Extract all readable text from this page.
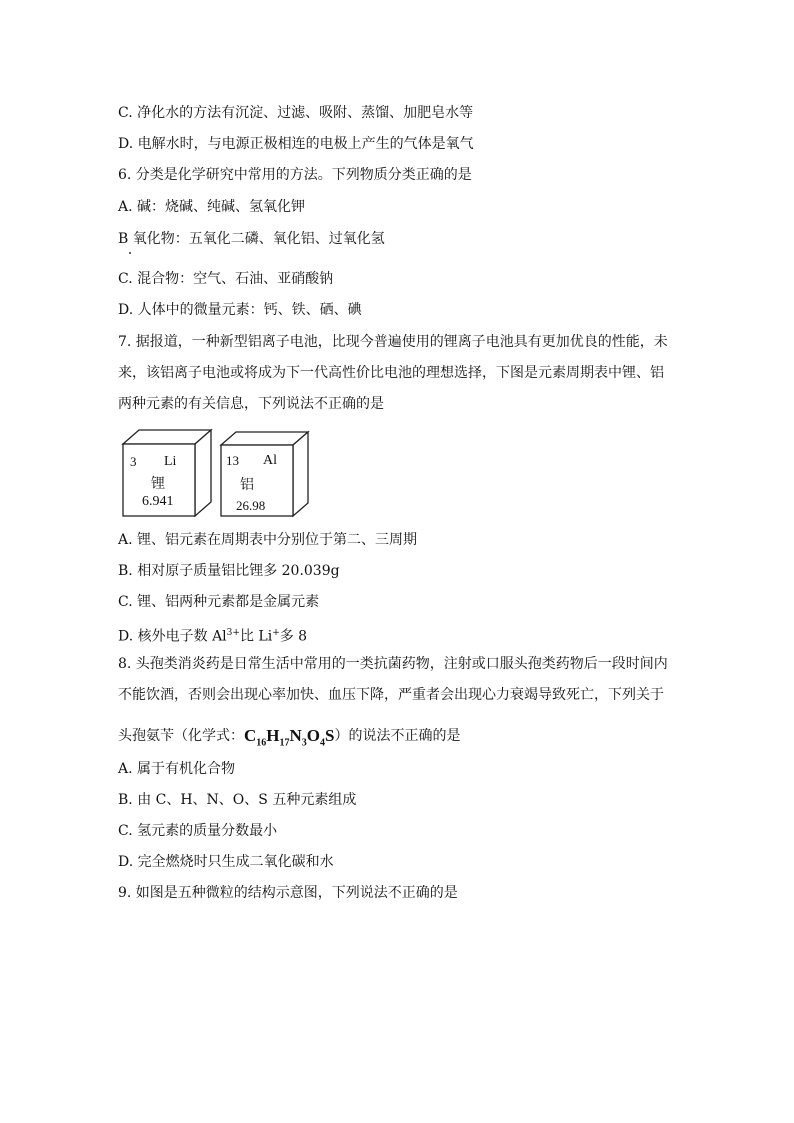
C. 净化水的方法有沉淀、过滤、吸附、蒸馏、加肥皂水等
D. 电解水时，与电源正极相连的电极上产生的气体是氧气
6. 分类是化学研究中常用的方法。下列物质分类正确的是
A. 碱：烧碱、纯碱、氢氧化钾
B 氧化物：五氧化二磷、氧化铝、过氧化氢
C. 混合物：空气、石油、亚硝酸钠
D. 人体中的微量元素：钙、铁、硒、碘
7. 据报道，一种新型铝离子电池，比现今普遍使用的锂离子电池具有更加优良的性能，未
来，该铝离子电池或将成为下一代高性价比电池的理想选择，下图是元素周期表中锂、铝
两种元素的有关信息，下列说法不正确的是
3 Li
锂
6.941
13 Al
铝
26.98
A. 锂、铝元素在周期表中分别位于第二、三周期
B. 相对原子质量铝比锂多 20.039g
C. 锂、铝两种元素都是金属元素
D. 核外电子数 $Al^{3+}$比 Li+多 8
8. 头孢类消炎药是日常生活中常用的一类抗菌药物，注射或口服头孢类药物后一段时间内
不能饮酒，否则会出现心率加快、血压下降，严重者会出现心力衰竭导致死亡，下列关于
头孢氨苄（化学式：$C_{16}H_{17}N_3O_4S$）的说法不正确的是
A. 属于有机化合物
B. 由 C、H、N、O、S 五种元素组成
C. 氢元素的质量分数最小
D. 完全燃烧时只生成二氧化碳和水
9. 如图是五种微粒的结构示意图，下列说法不正确的是
